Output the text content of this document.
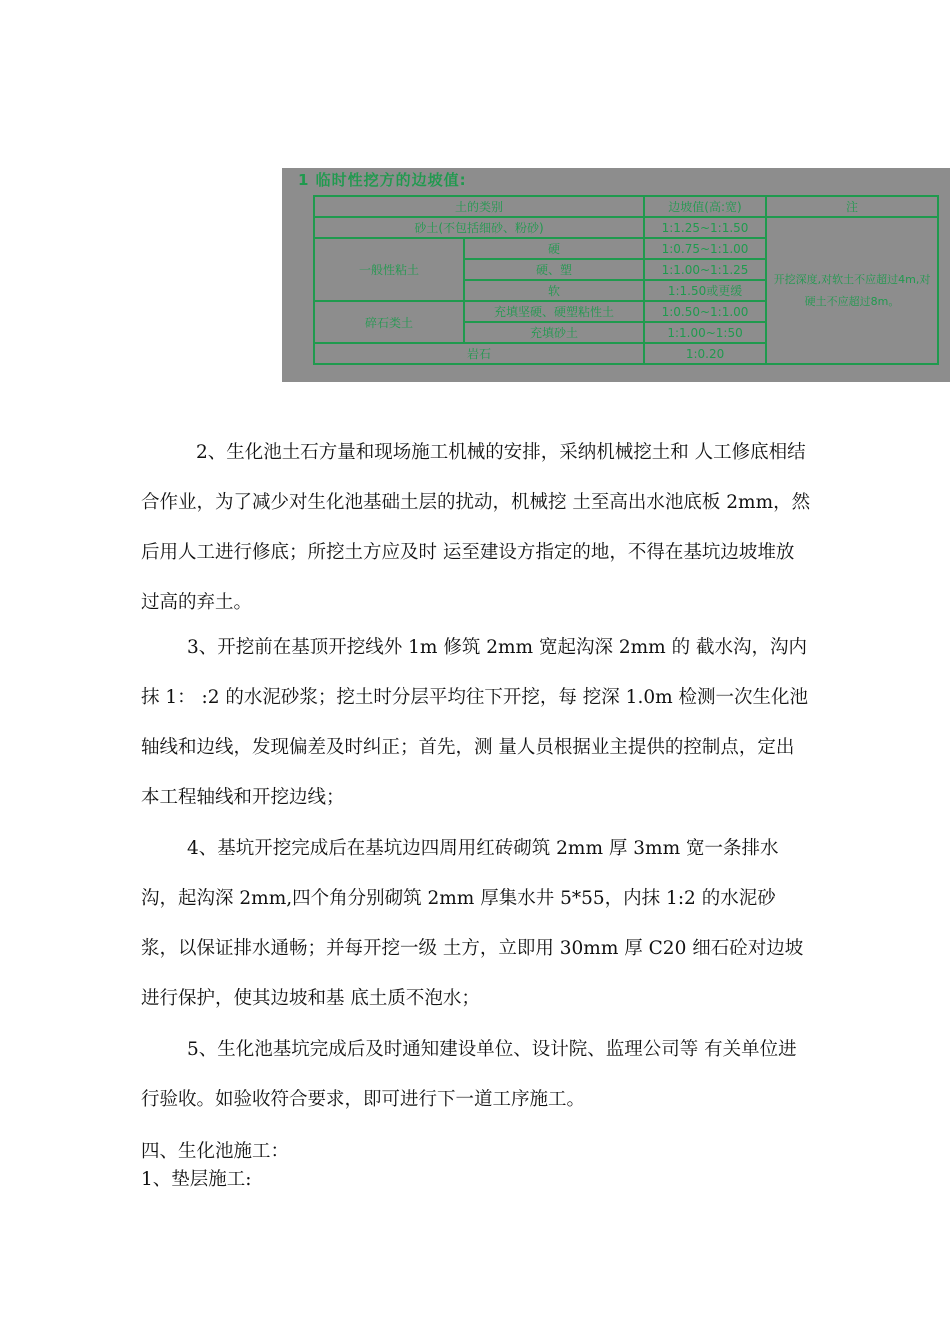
1 临时性挖方的边坡值:
土的类别		边坡值(高:宽)	注
砂土(不包括细砂、粉砂)		1:1.25~1:1.50	开挖深度,对软土不应超过4m,对硬土不应超过8m。
一般性粘土	硬	1:0.75~1:1.00	
	硬、塑	1:1.00~1:1.25	
	软	1:1.50或更缓	
碎石类土	充填坚硬、硬塑粘性土	1:0.50~1:1.00	
	充填砂土	1:1.00~1:50	
岩石		1:0.20	

2、生化池土石方量和现场施工机械的安排，采纳机械挖土和 人工修底相结合作业，为了减少对生化池基础土层的扰动，机械挖 土至高出水池底板 2mm，然后用人工进行修底；所挖土方应及时 运至建设方指定的地，不得在基坑边坡堆放过高的弃土。

3、开挖前在基顶开挖线外 1m 修筑 2mm 宽起沟深 2mm 的 截水沟，沟内抹 1： :2 的水泥砂浆；挖土时分层平均往下开挖，每 挖深 1.0m 检测一次生化池轴线和边线，发现偏差及时纠正；首先，测 量人员根据业主提供的控制点，定出本工程轴线和开挖边线；

4、基坑开挖完成后在基坑边四周用红砖砌筑 2mm 厚 3mm 宽一条排水沟，起沟深 2mm,四个角分别砌筑 2mm 厚集水井 5*55，内抹 1:2 的水泥砂浆，以保证排水通畅；并每开挖一级 土方，立即用 30mm 厚 C20 细石砼对边坡进行保护，使其边坡和基 底土质不泡水；

5、生化池基坑完成后及时通知建设单位、设计院、监理公司等 有关单位进行验收。如验收符合要求，即可进行下一道工序施工。

四、生化池施工：
1、垫层施工:
